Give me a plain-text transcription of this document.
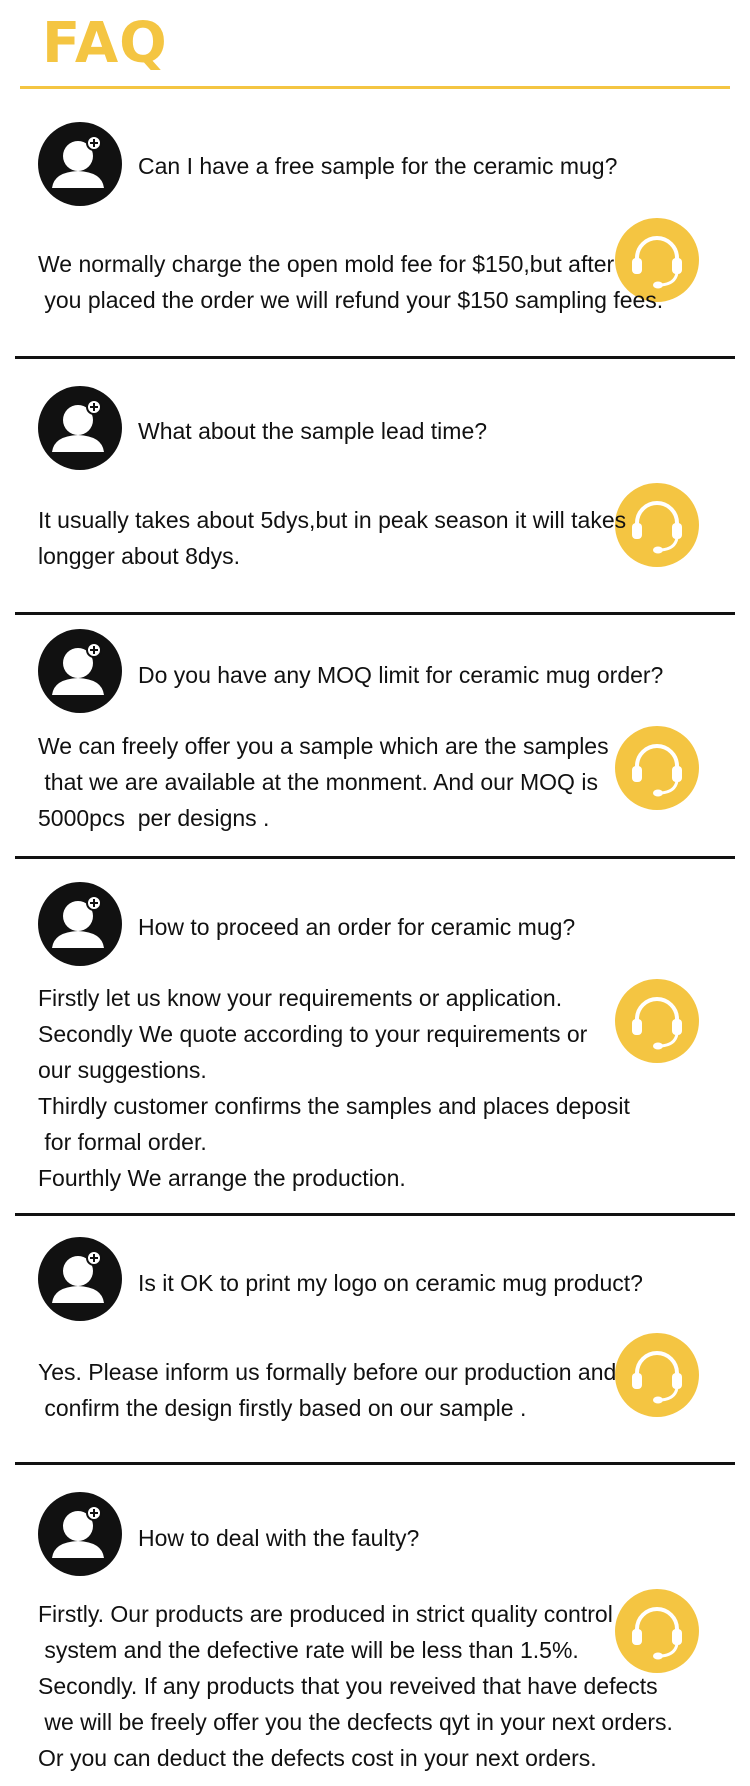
FAQ
Can I have a free sample for the ceramic mug?
We normally charge the open mold fee for $150,but after
you placed the order we will refund your $150 sampling fees.
What about the sample lead time?
It usually takes about 5dys,but in peak season it will takes
longger about 8dys.
Do you have any MOQ limit for ceramic mug order?
We can freely offer you a sample which are the samples
that we are available at the monment. And our MOQ is
5000pcs  per designs .
How to proceed an order for ceramic mug?
Firstly let us know your requirements or application.
Secondly We quote according to your requirements or
our suggestions.
Thirdly customer confirms the samples and places deposit
for formal order.
Fourthly We arrange the production.
Is it OK to print my logo on ceramic mug product?
Yes. Please inform us formally before our production and
confirm the design firstly based on our sample .
How to deal with the faulty?
Firstly. Our products are produced in strict quality control
system and the defective rate will be less than 1.5%.
Secondly. If any products that you reveived that have defects
we will be freely offer you the decfects qyt in your next orders.
Or you can deduct the defects cost in your next orders.
